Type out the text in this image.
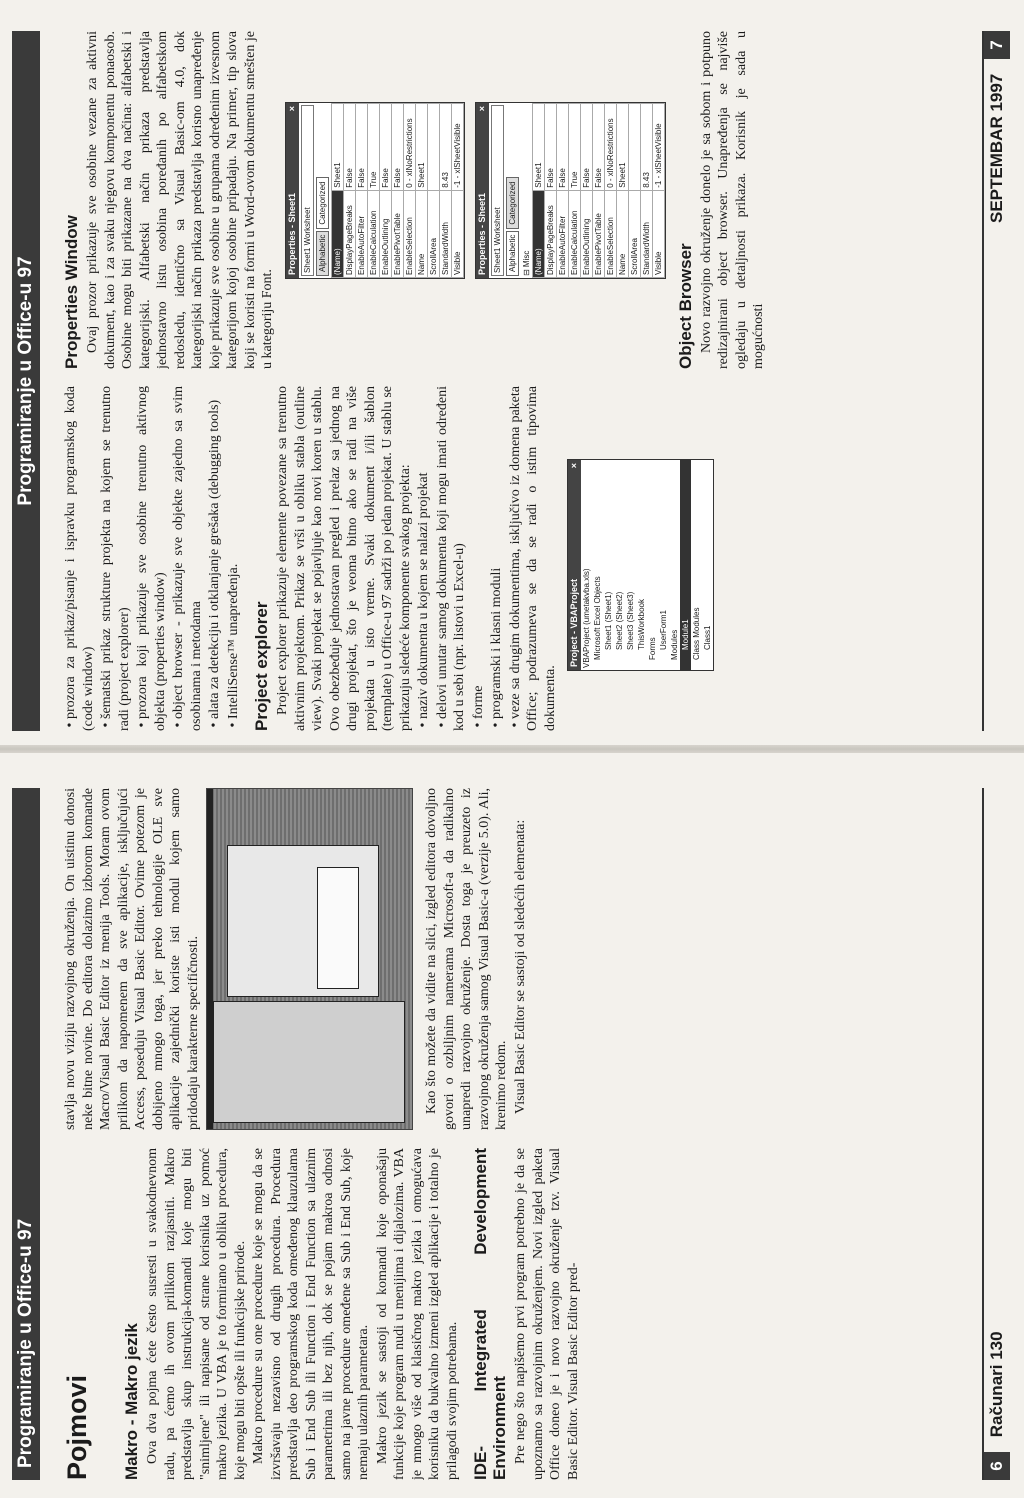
Programiranje u Office-u 97 Pojmovi Makro - Makro jezik Ova dva pojma ćete često susresti u svakodnevnom radu, pa ćemo ih ovom prilikom razjasniti. Makro predstavlja skup instrukcija-komandi koje mogu biti "snimljene" ili napisane od strane korisnika uz pomoć makro jezika. U VBA je to formirano u obliku procedura, koje mogu biti opšte ili funkcijske prirode. Makro procedure su one procedure koje se mogu da se izvršavaju nezavisno od drugih procedura. Procedura predstavlja deo programskog koda omeđenog klauzulama Sub i End Sub ili Function i End Function sa ulaznim parametrima ili bez njih, dok se pojam makroa odnosi samo na javne procedure omeđene sa Sub i End Sub, koje nemaju ulaznih parametara. Makro jezik se sastoji od komandi koje oponašaju funkcije koje program nudi u menijima i dijalozima. VBA je mnogo više od klasičnog makro jezika i omogućava korisniku da bukvalno izmeni izgled aplikacije i totalno je prilagodi svojim potrebama. IDE- Integrated Development Environment Pre nego što napišemo prvi program potrebno je da se upoznamo sa razvojnim okruženjem. Novi izgled paketa Office doneo je i novo razvojno okruženje tzv. Visual Basic Editor. Visual Basic Editor pred-

stavlja novu viziju razvojnog okruženja. On uistinu donosi neke bitne novine. Do editora dolazimo izborom komande Macro/Visual Basic Editor iz menija Tools. Moram ovom prilikom da napomenem da sve aplikacije, isključujući Access, poseduju Visual Basic Editor. Ovime potezom je dobijeno mnogo toga, jer preko tehnologije OLE sve aplikacije zajednički koriste isti modul kojem samo pridodaju karakterne specifičnosti.	Kao što možete da vidite na slici, izgled editora dovoljno govori o ozbiljnim namerama Microsoft-a da radikalno unapredi razvojno okruženje. Dosta toga je preuzeto iz razvojnog okruženja samog Visual Basic-a (verzije 5.0). Ali, krenimo redom. Visual Basic Editor se sastoji od sledećih elemenata:

6 Računari 130
Programiranje u Office-u 97
•prozora za prikaz/pisanje i ispravku programskog koda (code window) •šematski prikaz strukture projekta na kojem se trenutno radi (project explorer) •prozora koji prikazuje sve osobine trenutno aktivnog objekta (properties window) •object browser - prikazuje sve objekte zajedno sa svim osobinama i metodama •alata za detekciju i otklanjanje grešaka (debugging tools)
•IntelliSense™ unapređenja. Project explorer Project explorer prikazuje elemente povezane sa trenutno aktivnim projektom. Prikaz se vrši u obliku stabla (outline view). Svaki projekat se pojavljuje kao novi koren u stablu. Ovo obezbeđuje jednostavan pregled i prelaz sa jednog na drugi projekat, što je veoma bitno ako se radi na više projekata u isto vreme. Svaki dokument i/ili šablon (template) u Office-u 97 sadrži po jedan projekat. U stablu se prikazuju sledeće komponente svakog projekta: •naziv dokumenta u kojem se nalazi projekat
•delovi unutar samog dokumenta koji mogu imati određeni kod u sebi (npr. listovi u Excel-u) •forme
•programski i klasni moduli
•veze sa drugim dokumentima, isključivo iz domena paketa Office; podrazumeva se da se radi o istim tipovima dokumenta.
Project - VBAProject
×
VBAProject (umetakvba.xls) Microsoft Excel Objects Sheet1 (Sheet1) Sheet2 (Sheet2) Sheet3 (Sheet3) ThisWorkbook Forms UserForm1 Modules Module1 Class Modules Class1
Properties Window Ovaj prozor prikazuje sve osobine vezane za aktivni dokument, kao i za svaku njegovu komponentu ponaosob. Osobine mogu biti prikazane na dva načina: alfabetski i kategorijski. Alfabetski način prikaza predstavlja jednostavno listu osobina poređanih po alfabetskom redosledu, identično sa Visual Basic-om 4.0, dok kategorijski način prikaza predstavlja korisno unapređenje koje prikazuje sve osobine u grupama određenim izvesnom kategorijom kojoj osobine pripadaju. Na primer, tip slova koji se koristi na formi u Word-ovom dokumentu smešten je u kategoriju Font.

Properties - Sheet1
×
Sheet1 Worksheet Alphabetic
Categorized
(Name)	Sheet1
DisplayPageBreaks	False
EnableAutoFilter	False
EnableCalculation	True
EnableOutlining	False
EnablePivotTable	False
EnableSelection	0 - xlNoRestrictions
Name	Sheet1
ScrollArea	
StandardWidth	8.43
Visible	-1 - xlSheetVisible
Properties - Sheet1
×
Sheet1 Worksheet Alphabetic
Categorized
⊟ Misc (Name)	Sheet1
DisplayPageBreaks	False
EnableAutoFilter	False
EnableCalculation	True
EnableOutlining	False
EnablePivotTable	False
EnableSelection	0 - xlNoRestrictions
Name	Sheet1
ScrollArea	
StandardWidth	8.43
Visible	-1 - xlSheetVisible
Object Browser Novo razvojno okruženje donelo je sa sobom i potpuno redizajnirani object browser. Unapređenja se najviše ogledaju u detaljnosti prikaza. Korisnik je sada u mogućnosti

SEPTEMBAR 1997 7
